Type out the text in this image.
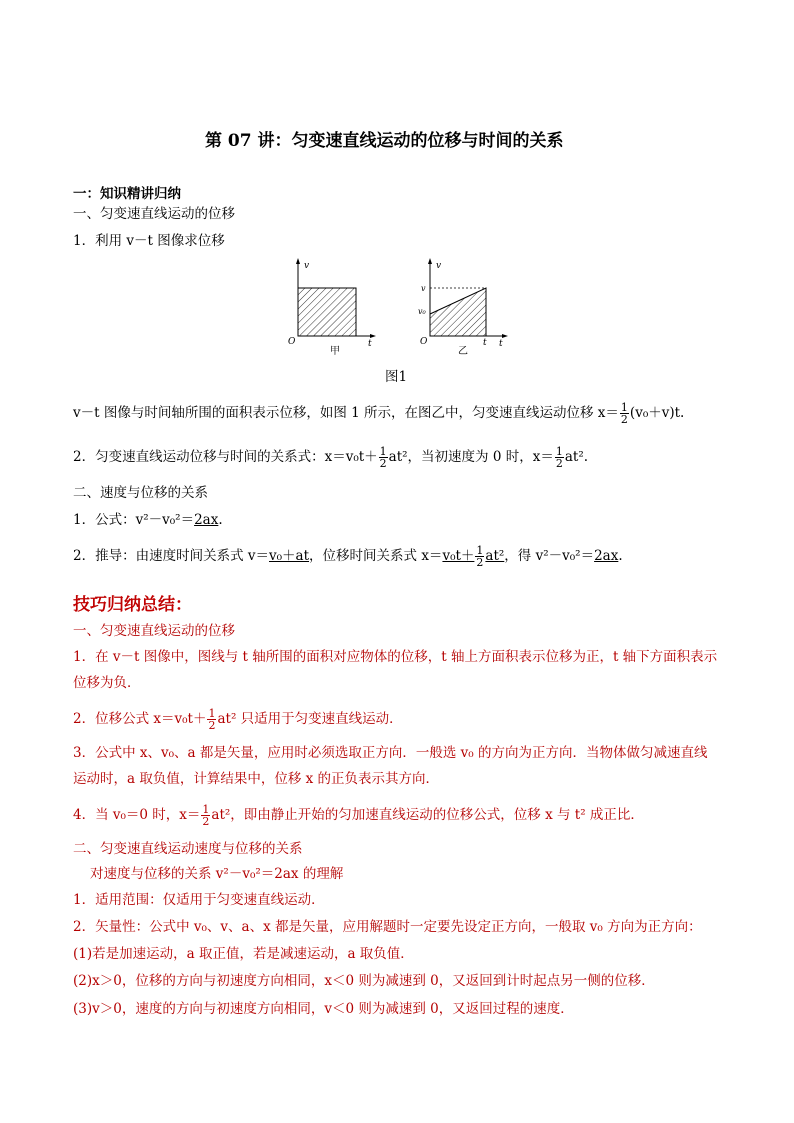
第 07 讲：匀变速直线运动的位移与时间的关系
一：知识精讲归纳
一、匀变速直线运动的位移
1．利用 v－t 图像求位移
v
O	t
甲
v
v
v₀
O	t t
乙
图1
v－t 图像与时间轴所围的面积表示位移，如图 1 所示，在图乙中，匀变速直线运动位移 $x= \frac{1}{2} (v_0+v)t$.
2．匀变速直线运动位移与时间的关系式：$x=v_0t+ \frac{1}{2} at^2$，当初速度为 0 时，$x= \frac{1}{2} at^2$.
二、速度与位移的关系
1．公式：v²－v₀²＝2ax.
2．推导：由速度时间关系式 v＝v₀＋at，位移时间关系式 $x=v_0t+ \frac{1}{2} at^2$，得 v²－v₀²＝2ax.
技巧归纳总结：
一、匀变速直线运动的位移
1．在 v－t 图像中，图线与 t 轴所围的面积对应物体的位移，t 轴上方面积表示位移为正，t 轴下方面积表示
位移为负．
2．位移公式 $x=v_0t+ \frac{1}{2} at^2$ 只适用于匀变速直线运动．
3．公式中 x、v₀、a 都是矢量，应用时必须选取正方向．一般选 v₀ 的方向为正方向．当物体做匀减速直线
运动时，a 取负值，计算结果中，位移 x 的正负表示其方向．
4．当 v₀＝0 时，$x= \frac{1}{2} at^2$，即由静止开始的匀加速直线运动的位移公式，位移 x 与 t² 成正比．
二、匀变速直线运动速度与位移的关系
对速度与位移的关系 v²－v₀²＝2ax 的理解
1．适用范围：仅适用于匀变速直线运动．
2．矢量性：公式中 v₀、v、a、x 都是矢量，应用解题时一定要先设定正方向，一般取 v₀ 方向为正方向：
(1)若是加速运动，a 取正值，若是减速运动，a 取负值．
(2)x＞0，位移的方向与初速度方向相同，x＜0 则为减速到 0，又返回到计时起点另一侧的位移．
(3)v＞0，速度的方向与初速度方向相同，v＜0 则为减速到 0，又返回过程的速度．
